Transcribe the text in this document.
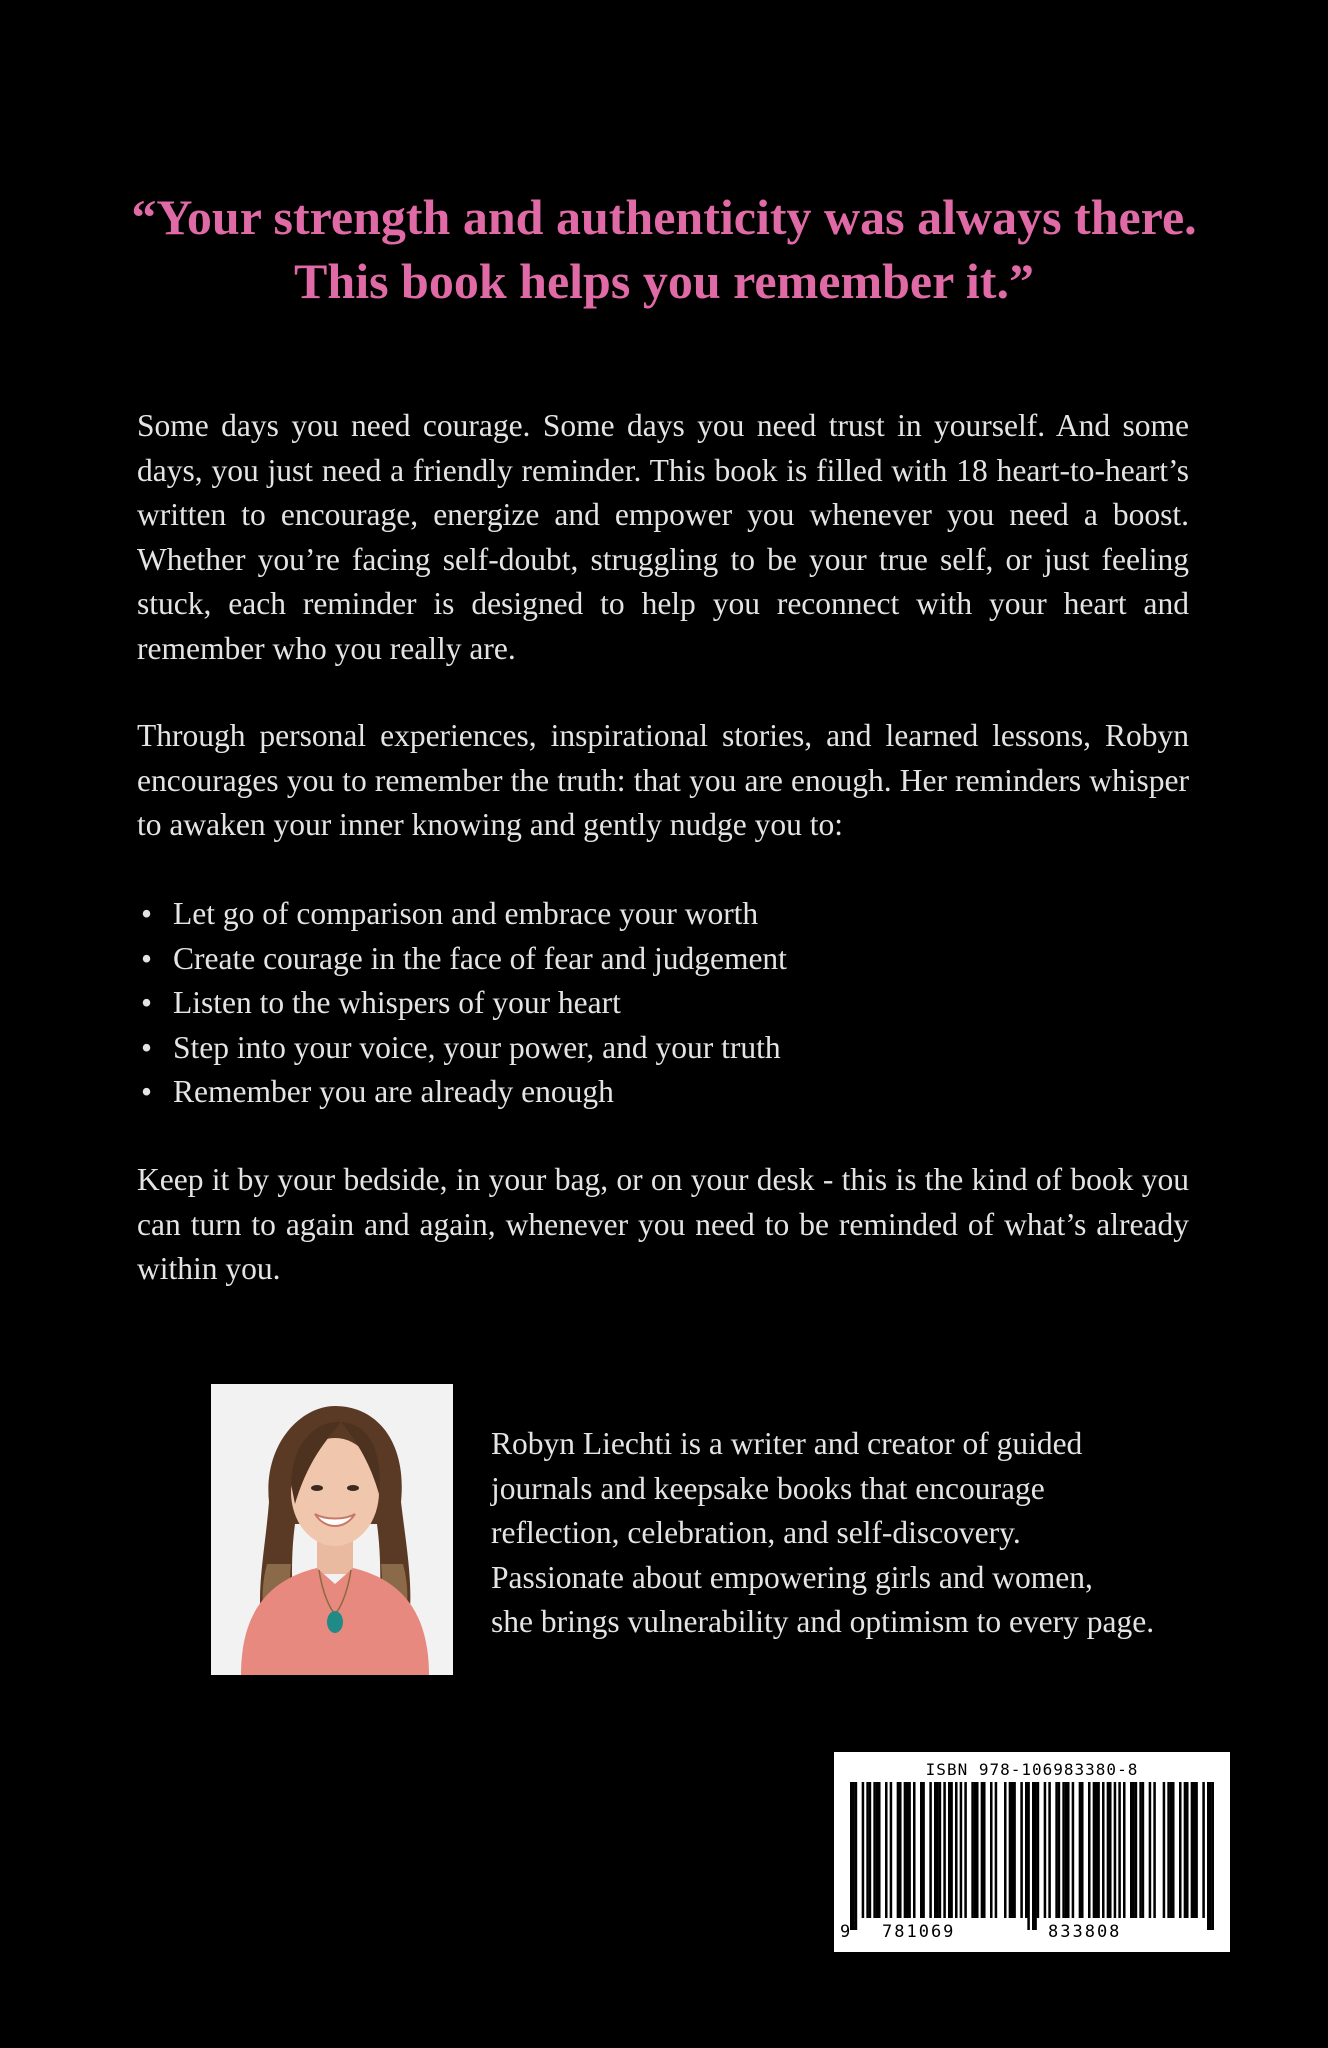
“Your strength and authenticity was always there.
This book helps you remember it.”

Some days you need courage. Some days you need trust in yourself. And some days, you just need a friendly reminder. This book is filled with 18 heart-to-heart’s written to encourage, energize and empower you whenever you need a boost. Whether you’re facing self-doubt, struggling to be your true self, or just feeling stuck, each reminder is designed to help you reconnect with your heart and remember who you really are.

Through personal experiences, inspirational stories, and learned lessons, Robyn encourages you to remember the truth: that you are enough. Her reminders whisper to awaken your inner knowing and gently nudge you to:

• Let go of comparison and embrace your worth
• Create courage in the face of fear and judgement
• Listen to the whispers of your heart
• Step into your voice, your power, and your truth
• Remember you are already enough

Keep it by your bedside, in your bag, or on your desk - this is the kind of book you can turn to again and again, whenever you need to be reminded of what’s already within you.

Robyn Liechti is a writer and creator of guided
journals and keepsake books that encourage
reflection, celebration, and self-discovery.
Passionate about empowering girls and women,
she brings vulnerability and optimism to every page.

ISBN 978-106983380-8
9 781069	833808
